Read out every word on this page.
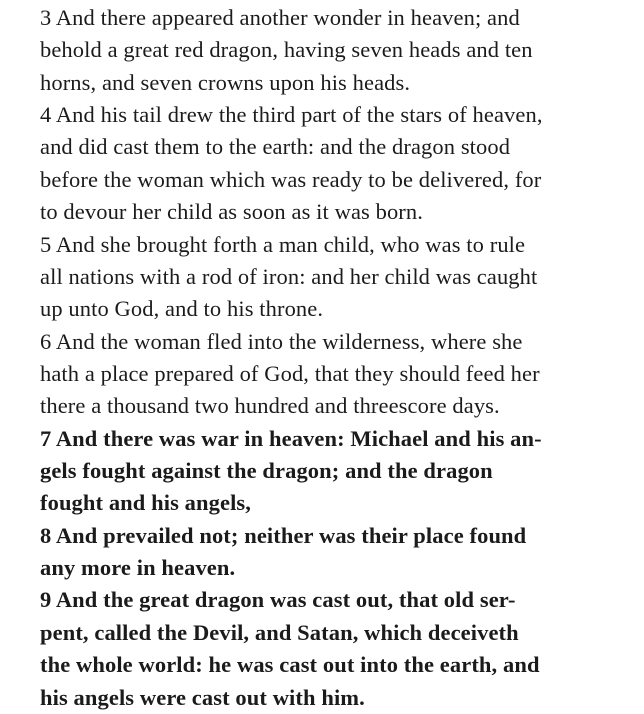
3 And there appeared another wonder in heaven; and
behold a great red dragon, having seven heads and ten
horns, and seven crowns upon his heads.
4 And his tail drew the third part of the stars of heaven,
and did cast them to the earth: and the dragon stood
before the woman which was ready to be delivered, for
to devour her child as soon as it was born.
5 And she brought forth a man child, who was to rule
all nations with a rod of iron: and her child was caught
up unto God, and to his throne.
6 And the woman fled into the wilderness, where she
hath a place prepared of God, that they should feed her
there a thousand two hundred and threescore days.
7 And there was war in heaven: Michael and his an-
gels fought against the dragon; and the dragon
fought and his angels,
8 And prevailed not; neither was their place found
any more in heaven.
9 And the great dragon was cast out, that old ser-
pent, called the Devil, and Satan, which deceiveth
the whole world: he was cast out into the earth, and
his angels were cast out with him.
